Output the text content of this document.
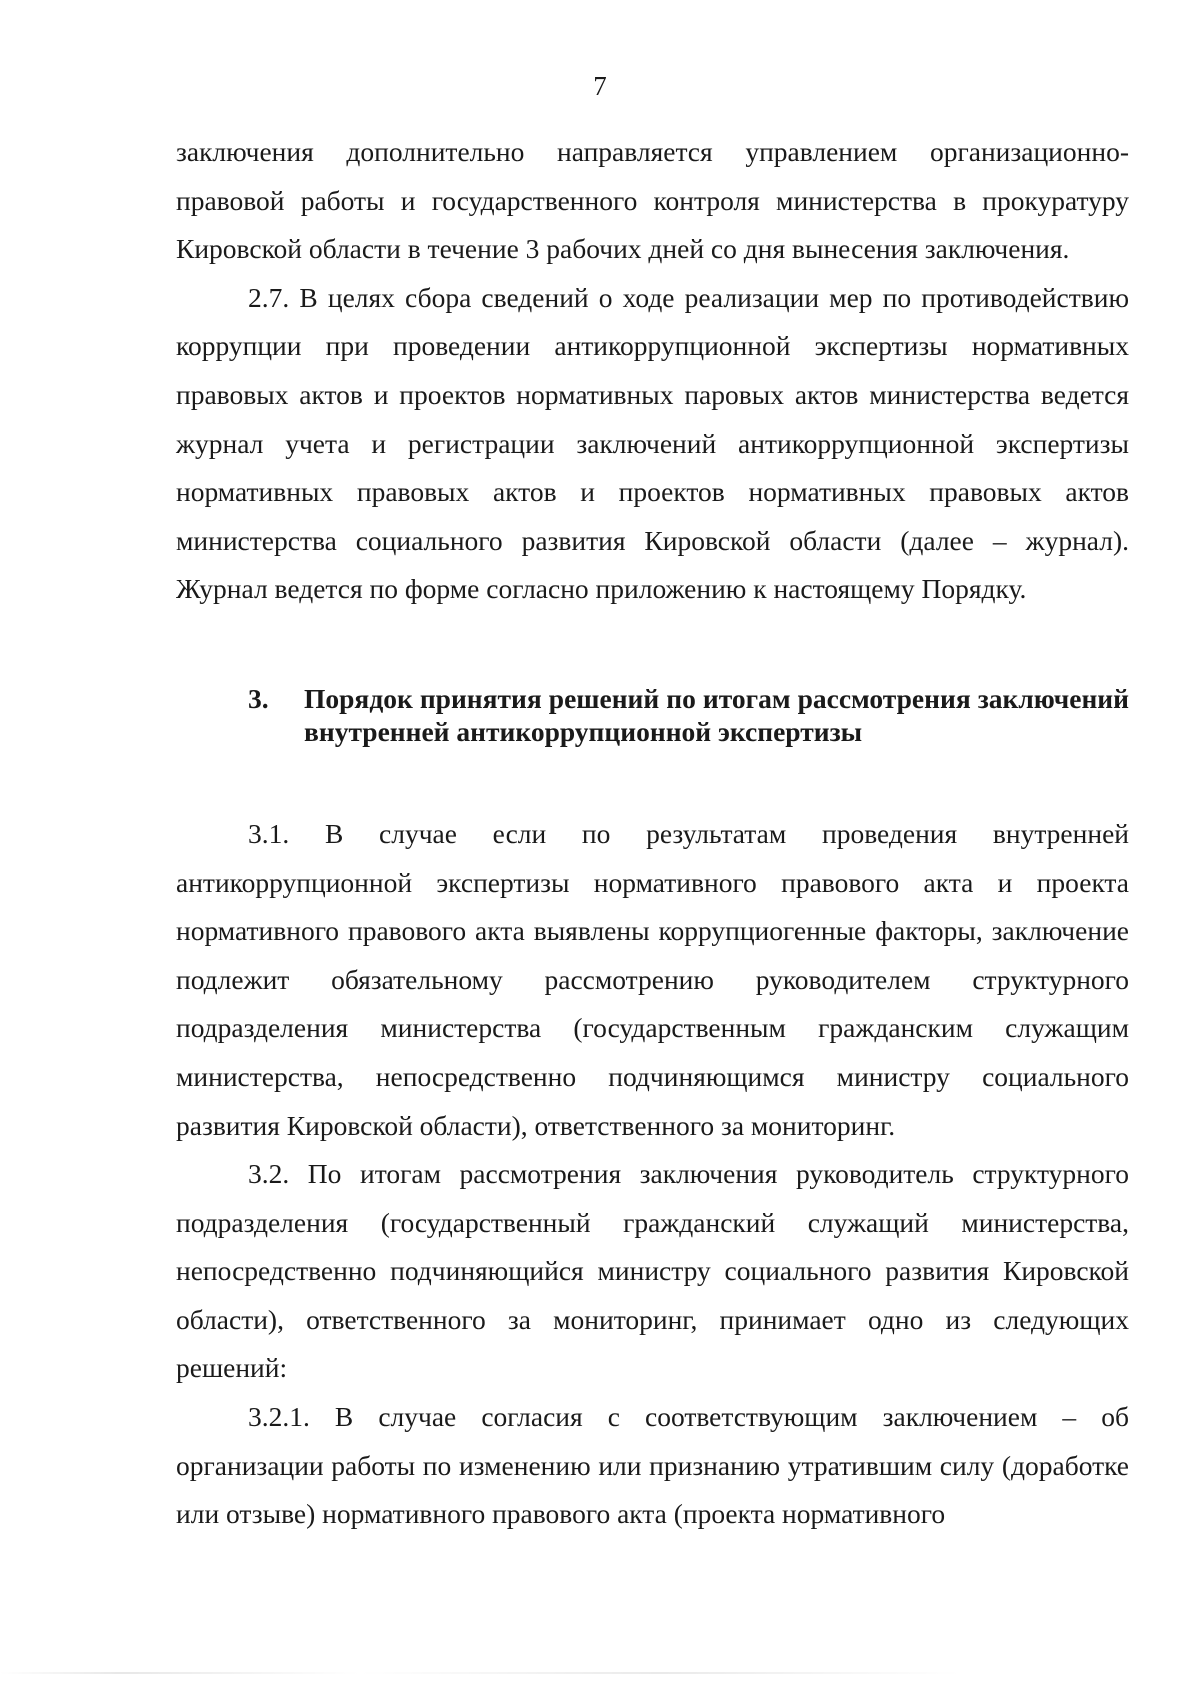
7

заключения дополнительно направляется управлением организационно-правовой работы и государственного контроля министерства в прокуратуру Кировской области в течение 3 рабочих дней со дня вынесения заключения.

2.7. В целях сбора сведений о ходе реализации мер по противодействию коррупции при проведении антикоррупционной экспертизы нормативных правовых актов и проектов нормативных паровых актов министерства ведется журнал учета и регистрации заключений антикоррупционной экспертизы нормативных правовых актов и проектов нормативных правовых актов министерства социального развития Кировской области (далее – журнал). Журнал ведется по форме согласно приложению к настоящему Порядку.

3.	Порядок принятия решений по итогам рассмотрения заключений внутренней антикоррупционной экспертизы

3.1. В случае если по результатам проведения внутренней антикоррупционной экспертизы нормативного правового акта и проекта нормативного правового акта выявлены коррупциогенные факторы, заключение подлежит обязательному рассмотрению руководителем структурного подразделения министерства (государственным гражданским служащим министерства, непосредственно подчиняющимся министру социального развития Кировской области), ответственного за мониторинг.

3.2. По итогам рассмотрения заключения руководитель структурного подразделения (государственный гражданский служащий министерства, непосредственно подчиняющийся министру социального развития Кировской области), ответственного за мониторинг, принимает одно из следующих решений:

3.2.1. В случае согласия с соответствующим заключением – об организации работы по изменению или признанию утратившим силу (доработке или отзыве) нормативного правового акта (проекта нормативного
